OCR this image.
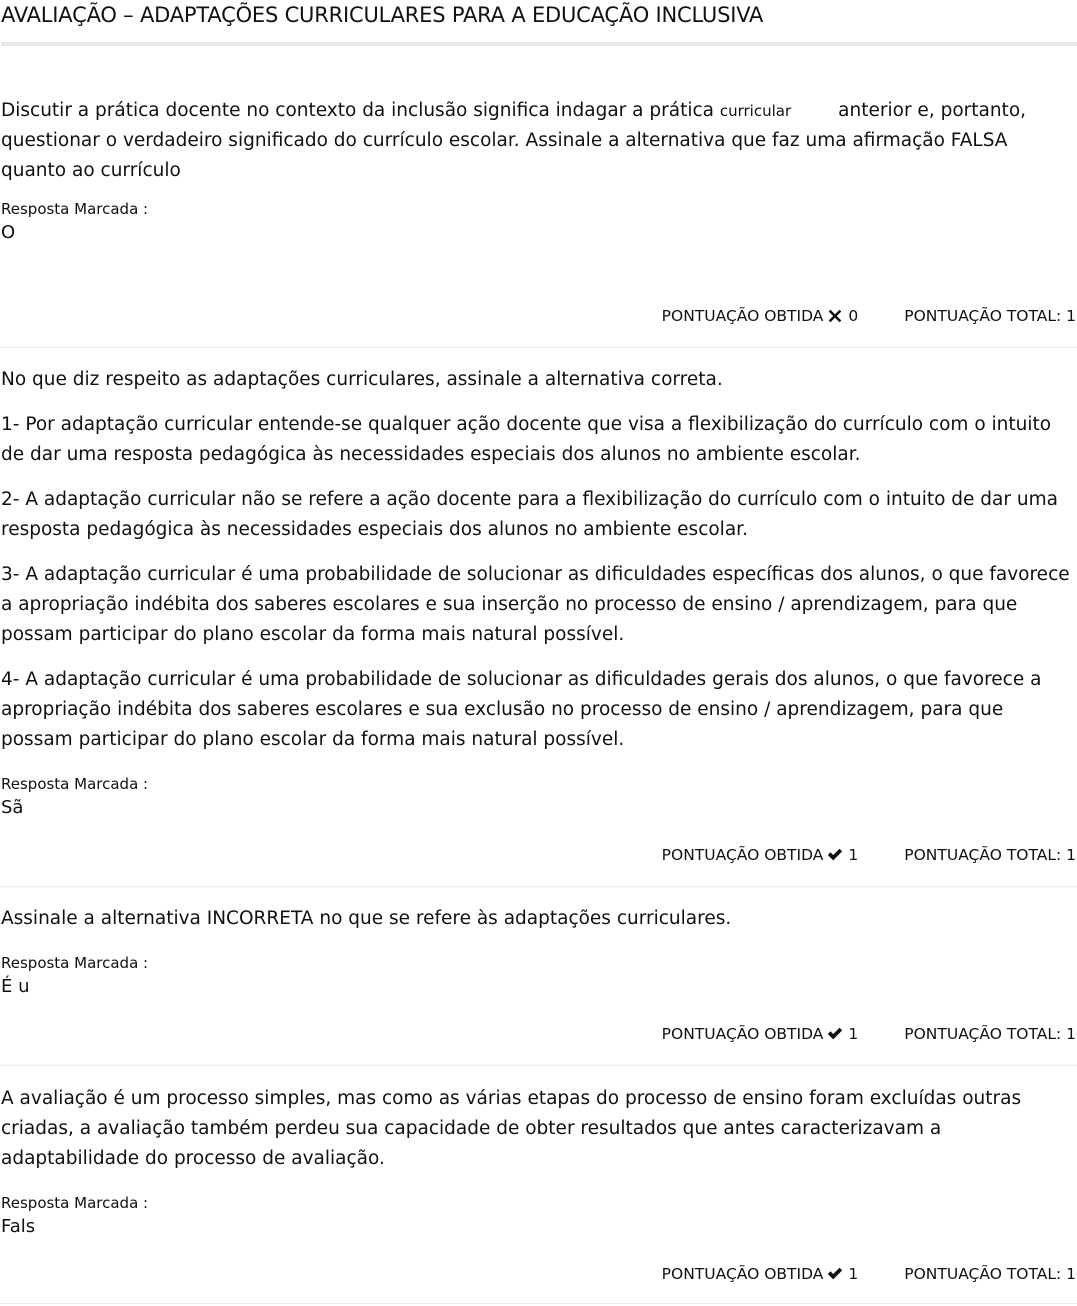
AVALIAÇÃO – ADAPTAÇÕES CURRICULARES PARA A EDUCAÇÃO INCLUSIVA

Discutir a prática docente no contexto da inclusão significa indagar a prática curricular        anterior e, portanto, questionar o verdadeiro significado do currículo escolar. Assinale a alternativa que faz uma afirmação FALSA quanto ao currículo

Resposta Marcada :

O

PONTUAÇÃO OBTIDA 0	PONTUAÇÃO TOTAL: 1

No que diz respeito as adaptações curriculares, assinale a alternativa correta.

1- Por adaptação curricular entende-se qualquer ação docente que visa a flexibilização do currículo com o intuito de dar uma resposta pedagógica às necessidades especiais dos alunos no ambiente escolar.

2- A adaptação curricular não se refere a ação docente para a flexibilização do currículo com o intuito de dar uma resposta pedagógica às necessidades especiais dos alunos no ambiente escolar.

3- A adaptação curricular é uma probabilidade de solucionar as dificuldades específicas dos alunos, o que favorece a apropriação indébita dos saberes escolares e sua inserção no processo de ensino / aprendizagem, para que possam participar do plano escolar da forma mais natural possível.

4- A adaptação curricular é uma probabilidade de solucionar as dificuldades gerais dos alunos, o que favorece a apropriação indébita dos saberes escolares e sua exclusão no processo de ensino / aprendizagem, para que possam participar do plano escolar da forma mais natural possível.

Resposta Marcada :

Sã

PONTUAÇÃO OBTIDA 1	PONTUAÇÃO TOTAL: 1

Assinale a alternativa INCORRETA no que se refere às adaptações curriculares.

Resposta Marcada :

É u

PONTUAÇÃO OBTIDA 1	PONTUAÇÃO TOTAL: 1

A avaliação é um processo simples, mas como as várias etapas do processo de ensino foram excluídas outras criadas, a avaliação também perdeu sua capacidade de obter resultados que antes caracterizavam a adaptabilidade do processo de avaliação.

Resposta Marcada :

Fals

PONTUAÇÃO OBTIDA 1	PONTUAÇÃO TOTAL: 1
